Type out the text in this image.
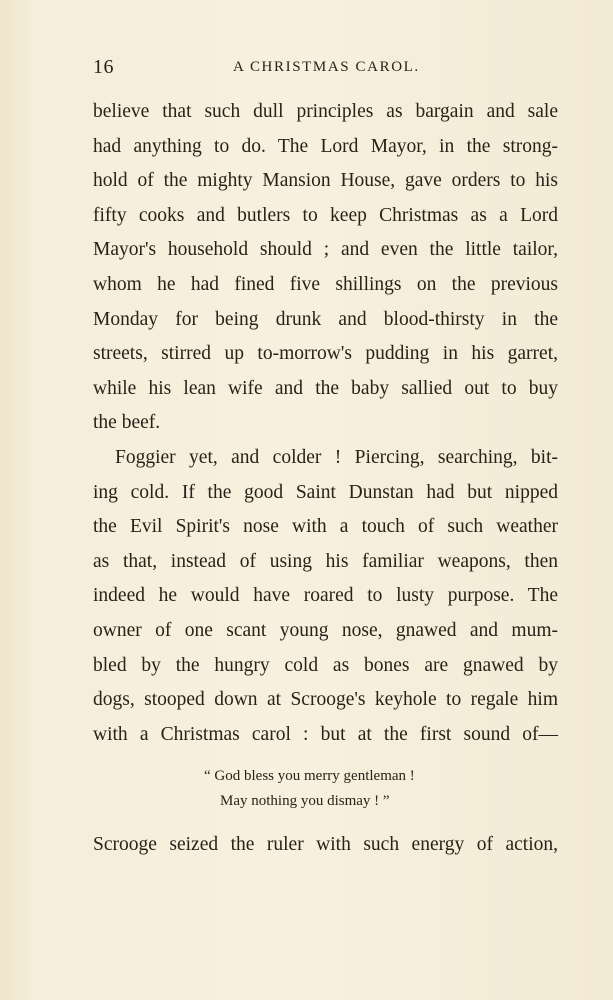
16	A CHRISTMAS CAROL.
believe that such dull principles as bargain and sale
had anything to do. The Lord Mayor, in the strong-
hold of the mighty Mansion House, gave orders to his
fifty cooks and butlers to keep Christmas as a Lord
Mayor's household should ; and even the little tailor,
whom he had fined five shillings on the previous
Monday for being drunk and blood-thirsty in the
streets, stirred up to-morrow's pudding in his garret,
while his lean wife and the baby sallied out to buy
the beef.
Foggier yet, and colder ! Piercing, searching, bit-
ing cold. If the good Saint Dunstan had but nipped
the Evil Spirit's nose with a touch of such weather
as that, instead of using his familiar weapons, then
indeed he would have roared to lusty purpose. The
owner of one scant young nose, gnawed and mum-
bled by the hungry cold as bones are gnawed by
dogs, stooped down at Scrooge's keyhole to regale him
with a Christmas carol : but at the first sound of—
“ God bless you merry gentleman !
May nothing you dismay ! ”
Scrooge seized the ruler with such energy of action,
